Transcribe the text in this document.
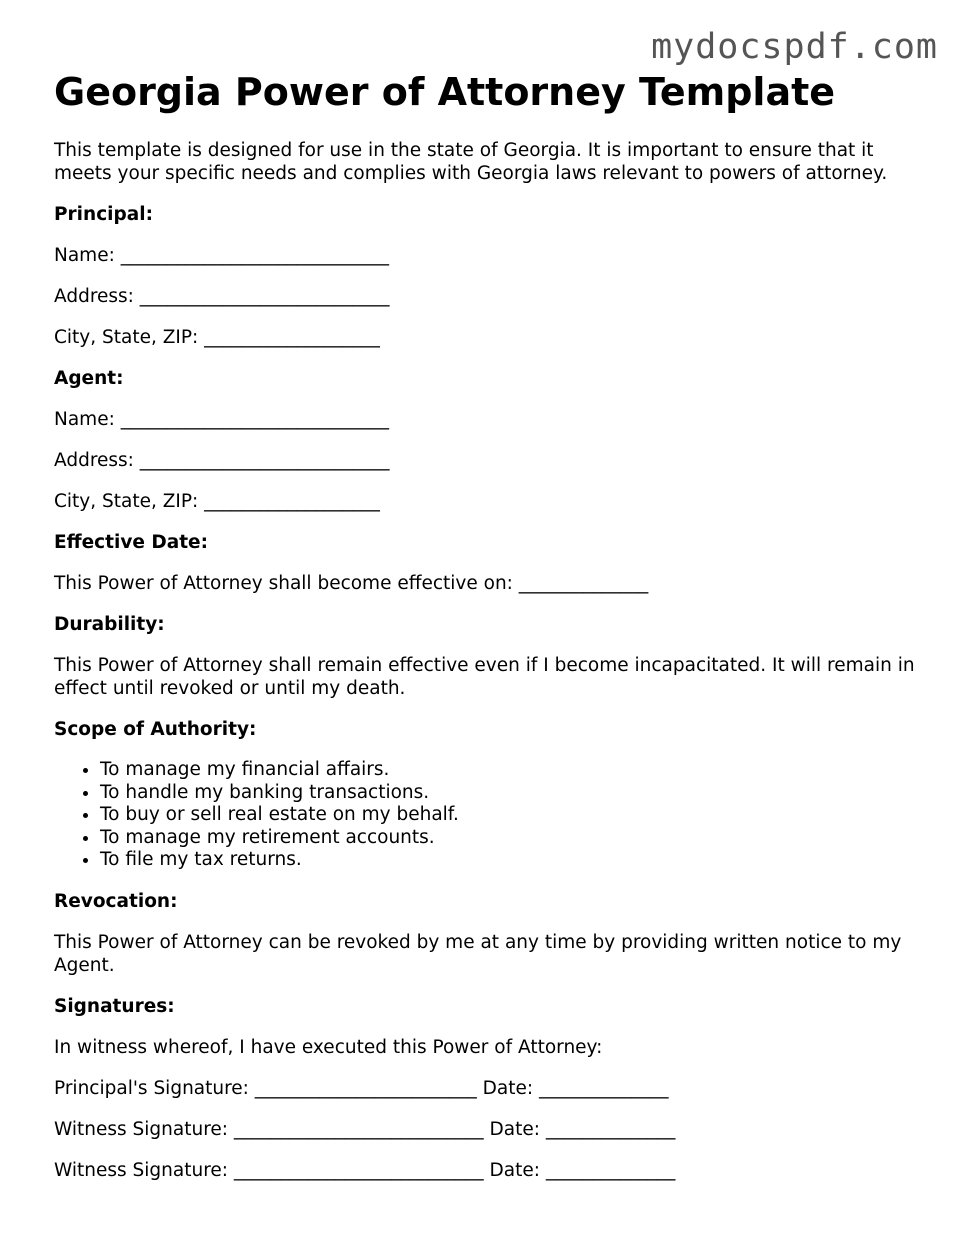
mydocspdf.com
Georgia Power of Attorney Template

This template is designed for use in the state of Georgia. It is important to ensure that it meets your specific needs and complies with Georgia laws relevant to powers of attorney.

Principal:
Name: _____________________________
Address: ___________________________
City, State, ZIP: ___________________
Agent:
Name: _____________________________
Address: ___________________________
City, State, ZIP: ___________________
Effective Date:
This Power of Attorney shall become effective on: ______________
Durability:

This Power of Attorney shall remain effective even if I become incapacitated. It will remain in effect until revoked or until my death.

Scope of Authority:
• To manage my financial affairs.
• To handle my banking transactions.
• To buy or sell real estate on my behalf.
• To manage my retirement accounts.
• To file my tax returns.
Revocation:

This Power of Attorney can be revoked by me at any time by providing written notice to my Agent.

Signatures:

In witness whereof, I have executed this Power of Attorney:

Principal's Signature: ________________________ Date: ______________
Witness Signature: ___________________________ Date: ______________
Witness Signature: ___________________________ Date: ______________
